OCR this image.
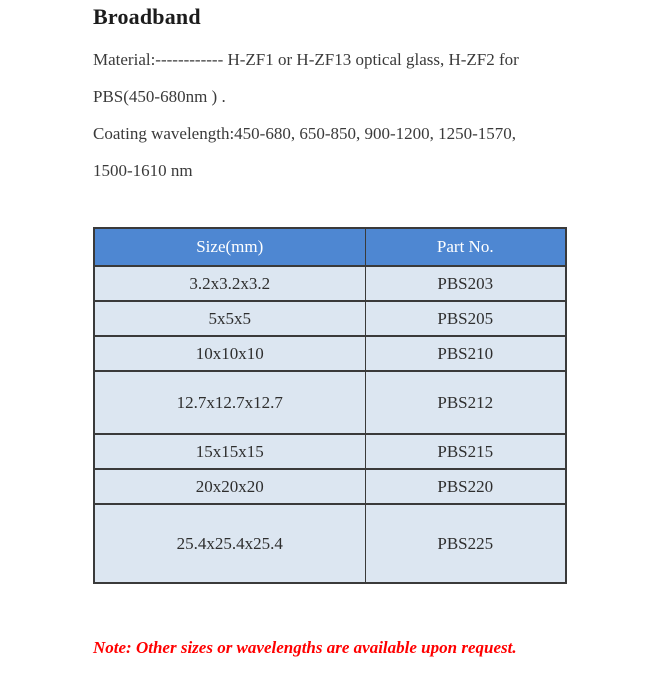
Broadband

Material:------------ H-ZF1 or H-ZF13 optical glass, H-ZF2 for

PBS(450-680nm ) .

Coating wavelength:450-680, 650-850, 900-1200, 1250-1570,

1500-1610 nm

Size(mm)	Part No.
3.2x3.2x3.2	PBS203
5x5x5	PBS205
10x10x10	PBS210
12.7x12.7x12.7	PBS212
15x15x15	PBS215
20x20x20	PBS220
25.4x25.4x25.4	PBS225

Note: Other sizes or wavelengths are available upon request.
